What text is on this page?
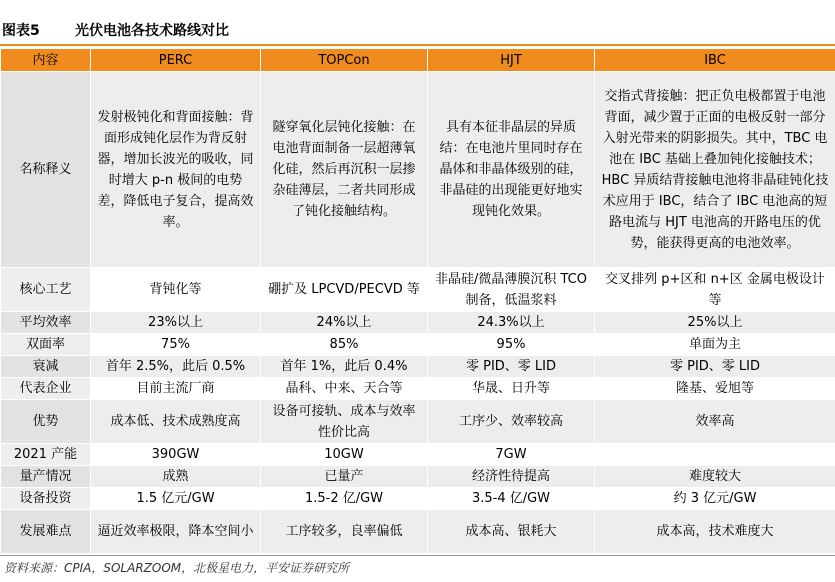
图表5	光伏电池各技术路线对比
内容	PERC	TOPCon	HJT	IBC
名称释义	发射极钝化和背面接触：背面形成钝化层作为背反射器，增加长波光的吸收，同时增大 p-n 极间的电势差，降低电子复合，提高效率。	隧穿氧化层钝化接触：在电池背面制备一层超薄氧化硅，然后再沉积一层掺杂硅薄层，二者共同形成了钝化接触结构。	具有本征非晶层的异质结：在电池片里同时存在晶体和非晶体级别的硅，非晶硅的出现能更好地实现钝化效果。	交指式背接触：把正负电极都置于电池背面，减少置于正面的电极反射一部分入射光带来的阴影损失。其中，TBC 电池在 IBC 基础上叠加钝化接触技术；HBC 异质结背接触电池将非晶硅钝化技术应用于 IBC，结合了 IBC 电池高的短路电流与 HJT 电池高的开路电压的优势，能获得更高的电池效率。
核心工艺	背钝化等	硼扩及 LPCVD/PECVD 等	非晶硅/微晶薄膜沉积 TCO 制备，低温浆料	交叉排列 p+区和 n+区 金属电极设计等
平均效率	23%以上	24%以上	24.3%以上	25%以上
双面率	75%	85%	95%	单面为主
衰减	首年 2.5%，此后 0.5%	首年 1%，此后 0.4%	零 PID、零 LID	零 PID、零 LID
代表企业	目前主流厂商	晶科、中来、天合等	华晟、日升等	隆基、爱旭等
优势	成本低、技术成熟度高	设备可接轨、成本与效率性价比高	工序少、效率较高	效率高
2021 产能	390GW	10GW	7GW	
量产情况	成熟	已量产	经济性待提高	难度较大
设备投资	1.5 亿元/GW	1.5-2 亿/GW	3.5-4 亿/GW	约 3 亿元/GW
发展难点	逼近效率极限，降本空间小	工序较多，良率偏低	成本高、银耗大	成本高，技术难度大
资料来源：CPIA，SOLARZOOM，北极星电力，平安证券研究所
